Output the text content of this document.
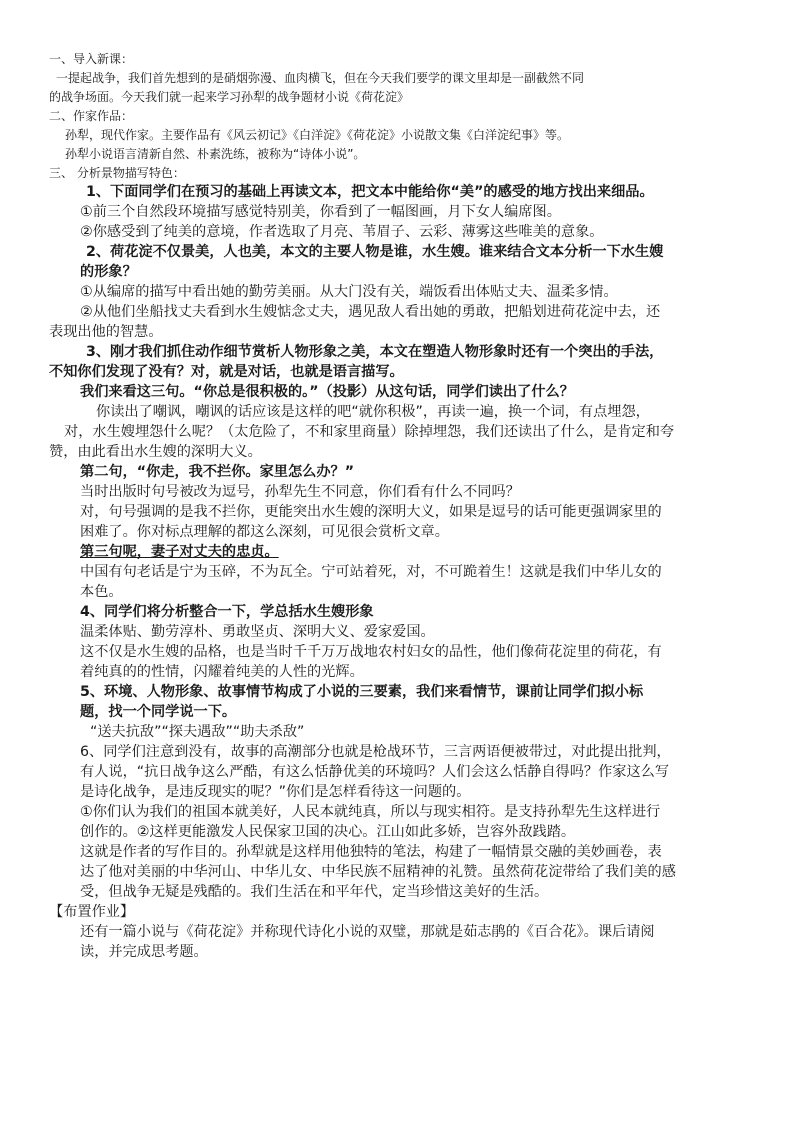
一、导入新课：
一提起战争，我们首先想到的是硝烟弥漫、血肉横飞，但在今天我们要学的课文里却是一副截然不同
的战争场面。今天我们就一起来学习孙犁的战争题材小说《荷花淀》
二、作家作品：
孙犁，现代作家。主要作品有《风云初记》《白洋淀》《荷花淀》小说散文集《白洋淀纪事》等。
孙犁小说语言清新自然、朴素洗练，被称为“诗体小说”。
三、 分析景物描写特色：
1、下面同学们在预习的基础上再读文本，把文本中能给你“美”的感受的地方找出来细品。
①前三个自然段环境描写感觉特别美，你看到了一幅图画，月下女人编席图。
②你感受到了纯美的意境，作者选取了月亮、苇眉子、云彩、薄雾这些唯美的意象。
2、荷花淀不仅景美，人也美，本文的主要人物是谁，水生嫂。谁来结合文本分析一下水生嫂
的形象？
①从编席的描写中看出她的勤劳美丽。从大门没有关，端饭看出体贴丈夫、温柔多情。
②从他们坐船找丈夫看到水生嫂惦念丈夫，遇见敌人看出她的勇敢，把船划进荷花淀中去，还
表现出他的智慧。
3、刚才我们抓住动作细节赏析人物形象之美，本文在塑造人物形象时还有一个突出的手法，
不知你们发现了没有？对，就是对话，也就是语言描写。
我们来看这三句。“你总是很积极的。”（投影）从这句话，同学们读出了什么？
你读出了嘲讽，嘲讽的话应该是这样的吧“就你积极”，再读一遍，换一个词，有点埋怨，
对，水生嫂埋怨什么呢？（太危险了，不和家里商量）除掉埋怨，我们还读出了什么，是肯定和夸
赞，由此看出水生嫂的深明大义。
第二句，“你走，我不拦你。家里怎么办？”
当时出版时句号被改为逗号，孙犁先生不同意，你们看有什么不同吗？
对，句号强调的是我不拦你，更能突出水生嫂的深明大义，如果是逗号的话可能更强调家里的
困难了。你对标点理解的都这么深刻，可见很会赏析文章。
第三句呢，妻子对丈夫的忠贞。
中国有句老话是宁为玉碎，不为瓦全。宁可站着死，对，不可跪着生！这就是我们中华儿女的
本色。
4、同学们将分析整合一下，学总括水生嫂形象
温柔体贴、勤劳淳朴、勇敢坚贞、深明大义、爱家爱国。
这不仅是水生嫂的品格，也是当时千千万万战地农村妇女的品性，他们像荷花淀里的荷花，有
着纯真的的性情，闪耀着纯美的人性的光辉。
5、环境、人物形象、故事情节构成了小说的三要素，我们来看情节，课前让同学们拟小标
题，找一个同学说一下。
“送夫抗敌”“探夫遇敌”“助夫杀敌”
6、同学们注意到没有，故事的高潮部分也就是枪战环节，三言两语便被带过，对此提出批判，
有人说，“抗日战争这么严酷，有这么恬静优美的环境吗？人们会这么恬静自得吗？作家这么写
是诗化战争，是违反现实的呢？”你们是怎样看待这一问题的。
①你们认为我们的祖国本就美好，人民本就纯真，所以与现实相符。是支持孙犁先生这样进行
创作的。②这样更能激发人民保家卫国的决心。江山如此多娇，岂容外敌践踏。
这就是作者的写作目的。孙犁就是这样用他独特的笔法，构建了一幅情景交融的美妙画卷，表
达了他对美丽的中华河山、中华儿女、中华民族不屈精神的礼赞。虽然荷花淀带给了我们美的感
受，但战争无疑是残酷的。我们生活在和平年代，定当珍惜这美好的生活。
【布置作业】
还有一篇小说与《荷花淀》并称现代诗化小说的双璧，那就是茹志鹃的《百合花》。课后请阅
读，并完成思考题。
